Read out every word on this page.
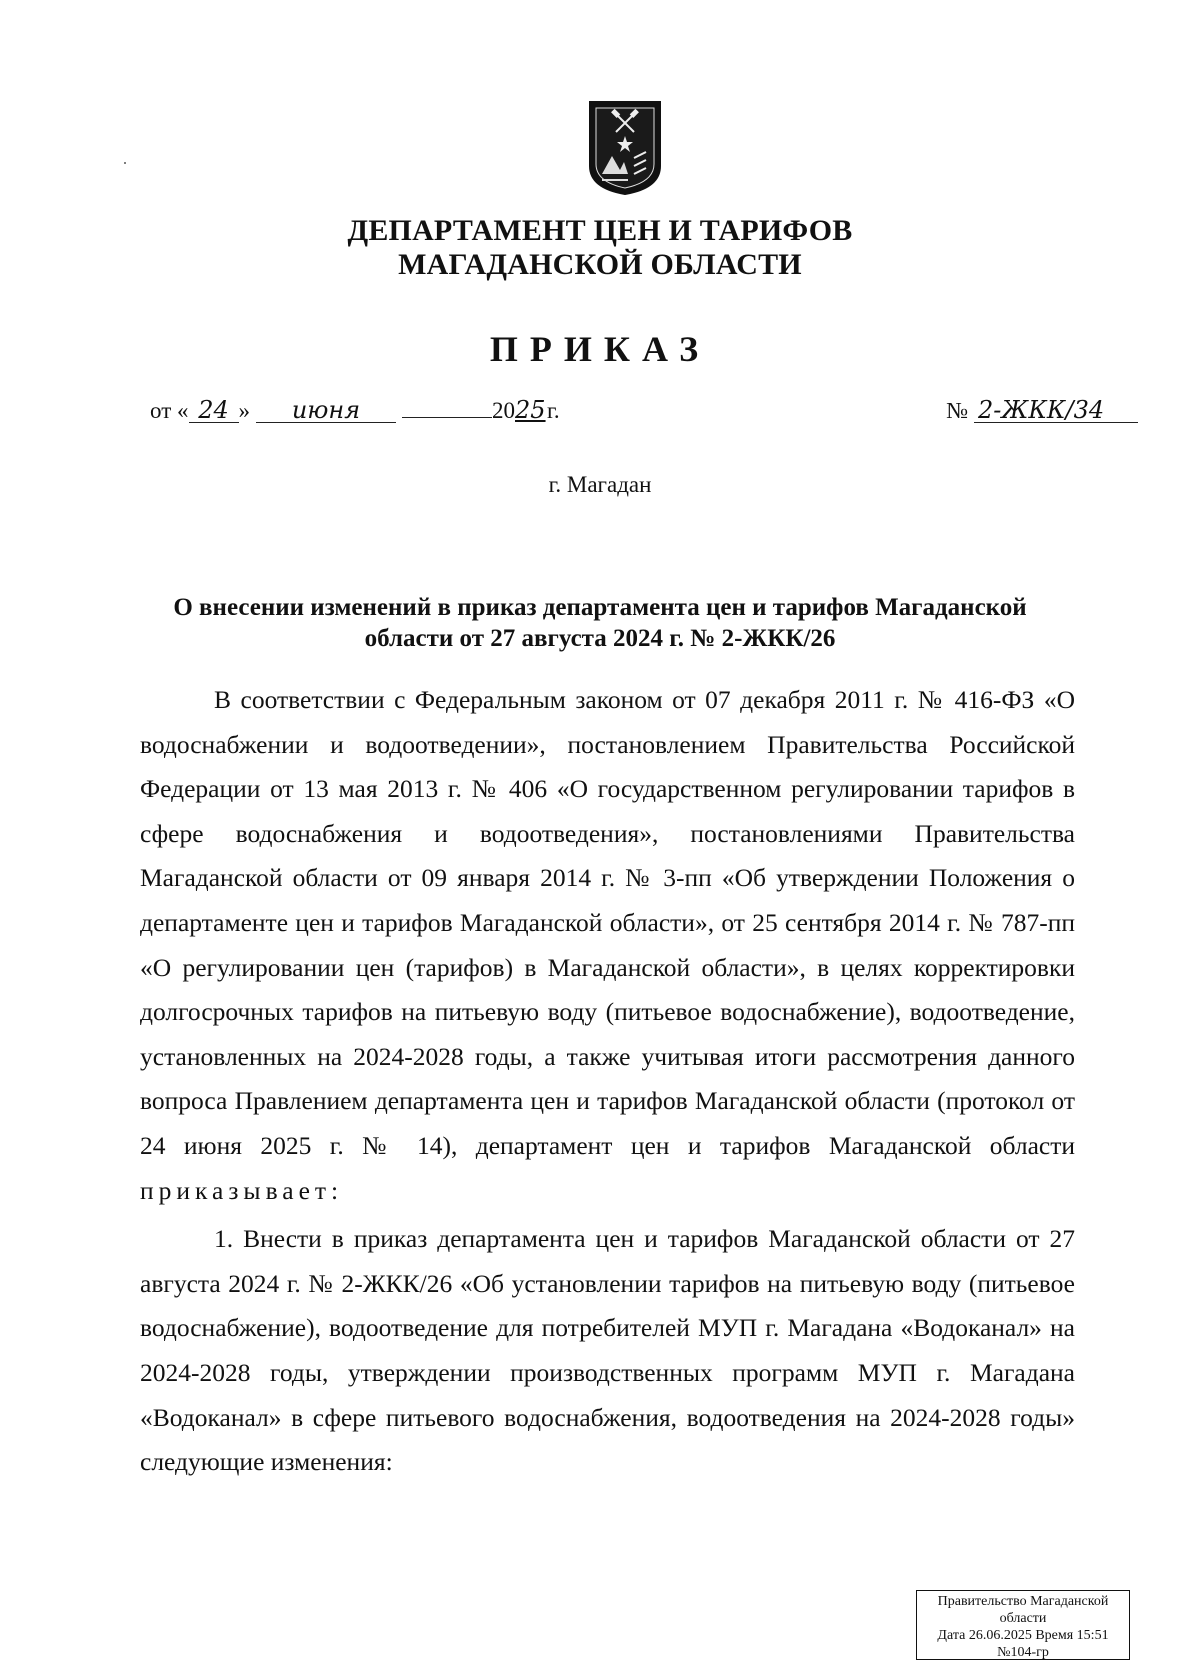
ДЕПАРТАМЕНТ ЦЕН И ТАРИФОВ
МАГАДАНСКОЙ ОБЛАСТИ
ПРИКАЗ
от « 24 » июня	2025г.	№ 2-ЖКК/34
г. Магадан
О внесении изменений в приказ департамента цен и тарифов Магаданской
области от 27 августа 2024 г. № 2-ЖКК/26

В соответствии с Федеральным законом от 07 декабря 2011 г. № 416-ФЗ «О водоснабжении и водоотведении», постановлением Правительства Российской Федерации от 13 мая 2013 г. № 406 «О государственном регулировании тарифов в сфере водоснабжения и водоотведения», постановлениями Правительства Магаданской области от 09 января 2014 г. № 3-пп «Об утверждении Положения о департаменте цен и тарифов Магаданской области», от 25 сентября 2014 г. № 787-пп «О регулировании цен (тарифов) в Магаданской области», в целях корректировки долгосрочных тарифов на питьевую воду (питьевое водоснабжение), водоотведение, установленных на 2024-2028 годы, а также учитывая итоги рассмотрения данного вопроса Правлением департамента цен и тарифов Магаданской области (протокол от 24 июня 2025 г. № 14), департамент цен и тарифов Магаданской области приказывает:

1. Внести в приказ департамента цен и тарифов Магаданской области от 27 августа 2024 г. № 2-ЖКК/26 «Об установлении тарифов на питьевую воду (питьевое водоснабжение), водоотведение для потребителей МУП г. Магадана «Водоканал» на 2024-2028 годы, утверждении производственных программ МУП г. Магадана «Водоканал» в сфере питьевого водоснабжения, водоотведения на 2024-2028 годы» следующие изменения:

Правительство Магаданской
области
Дата 26.06.2025 Время 15:51
№104-гр
